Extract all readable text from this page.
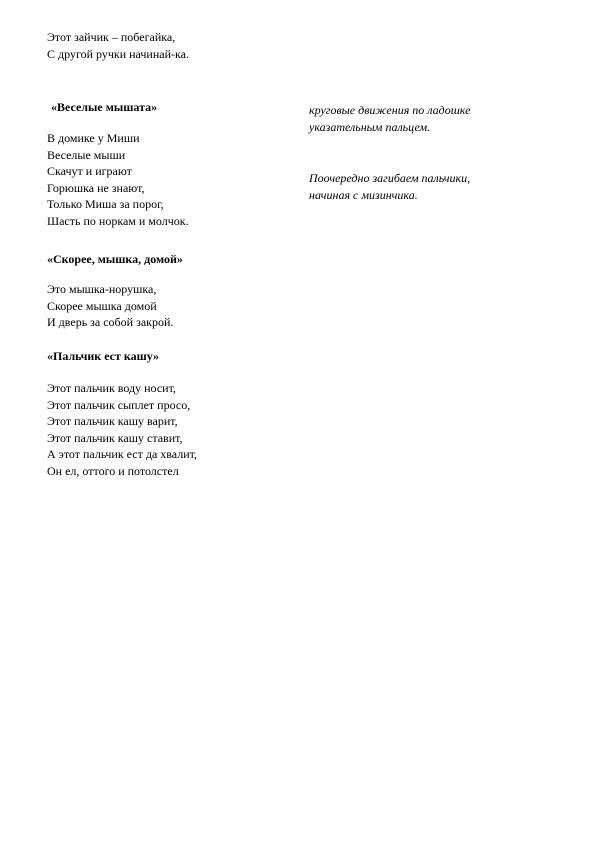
Этот зайчик – побегайка,
С другой ручки начинай-ка.
«Веселые мышата»
В домике у Миши
Веселые мыши
Скачут и играют
Горюшка не знают,
Только Миша за порог,
Шасть по норкам и молчок.
«Скорее, мышка, домой»
Это мышка-норушка,
Скорее мышка домой
И дверь за собой закрой.
«Пальчик ест кашу»
Этот пальчик воду носит,
Этот пальчик сыплет просо,
Этот пальчик кашу варит,
Этот пальчик кашу ставит,
А этот пальчик ест да хвалит,
Он ел, оттого и потолстел
круговые движения по ладошке
указательным пальцем.
Поочередно загибаем пальчики,
начиная с мизинчика.
